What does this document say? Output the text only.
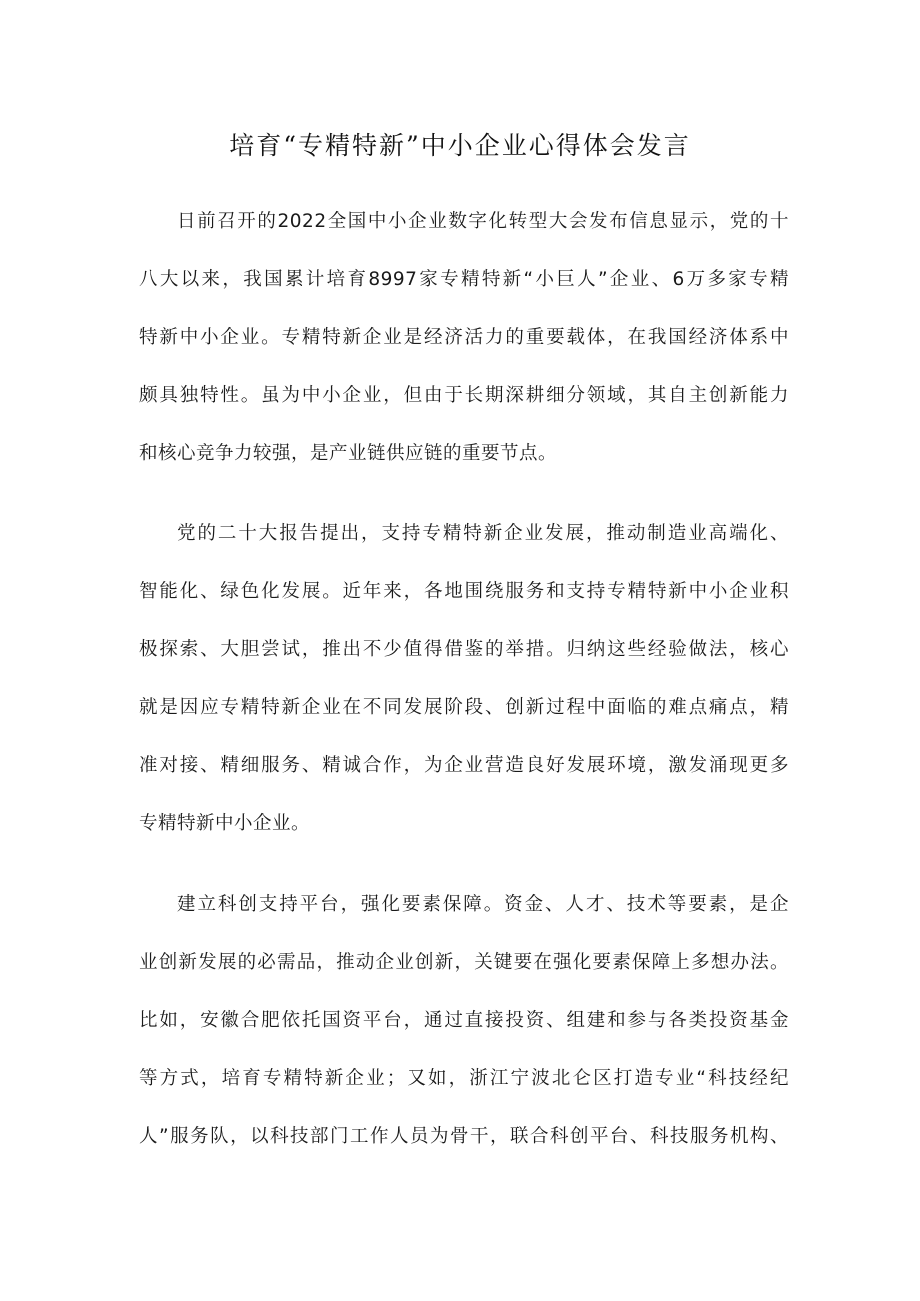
培育“专精特新”中小企业心得体会发言
日前召开的2022全国中小企业数字化转型大会发布信息显示，党的十
八大以来，我国累计培育8997家专精特新“小巨人”企业、6万多家专精
特新中小企业。专精特新企业是经济活力的重要载体，在我国经济体系中
颇具独特性。虽为中小企业，但由于长期深耕细分领域，其自主创新能力
和核心竞争力较强，是产业链供应链的重要节点。
党的二十大报告提出，支持专精特新企业发展，推动制造业高端化、
智能化、绿色化发展。近年来，各地围绕服务和支持专精特新中小企业积
极探索、大胆尝试，推出不少值得借鉴的举措。归纳这些经验做法，核心
就是因应专精特新企业在不同发展阶段、创新过程中面临的难点痛点，精
准对接、精细服务、精诚合作，为企业营造良好发展环境，激发涌现更多
专精特新中小企业。
建立科创支持平台，强化要素保障。资金、人才、技术等要素，是企
业创新发展的必需品，推动企业创新，关键要在强化要素保障上多想办法。
比如，安徽合肥依托国资平台，通过直接投资、组建和参与各类投资基金
等方式，培育专精特新企业；又如，浙江宁波北仑区打造专业“科技经纪
人”服务队，以科技部门工作人员为骨干，联合科创平台、科技服务机构、
